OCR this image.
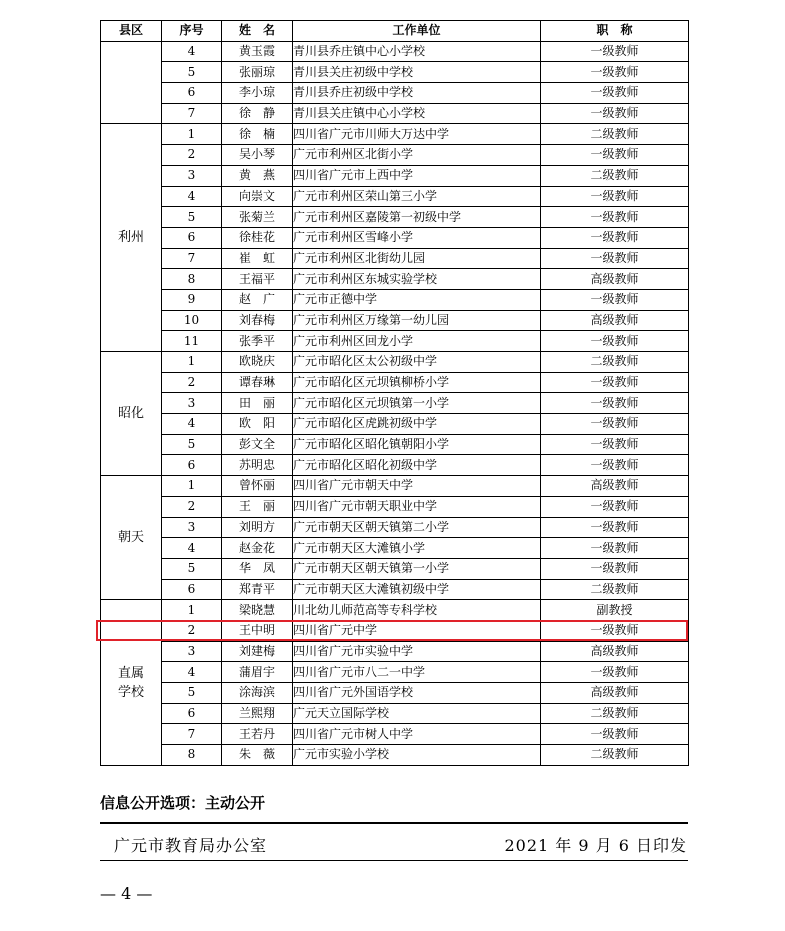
县区	序号	姓　名	工作单位	职　称
	4	黄玉霞	青川县乔庄镇中心小学校	一级教师
	5	张丽琼	青川县关庄初级中学校	一级教师
	6	李小琼	青川县乔庄初级中学校	一级教师
	7	徐　静	青川县关庄镇中心小学校	一级教师
利州	1	徐　楠	四川省广元市川师大万达中学	二级教师
	2	吴小琴	广元市利州区北街小学	一级教师
	3	黄　燕	四川省广元市上西中学	二级教师
	4	向崇文	广元市利州区荣山第三小学	一级教师
	5	张菊兰	广元市利州区嘉陵第一初级中学	一级教师
	6	徐桂花	广元市利州区雪峰小学	一级教师
	7	崔　虹	广元市利州区北街幼儿园	一级教师
	8	王福平	广元市利州区东城实验学校	高级教师
	9	赵　广	广元市正德中学	一级教师
	10	刘春梅	广元市利州区万缘第一幼儿园	高级教师
	11	张季平	广元市利州区回龙小学	一级教师
昭化	1	欧晓庆	广元市昭化区太公初级中学	二级教师
	2	谭春琳	广元市昭化区元坝镇柳桥小学	一级教师
	3	田　丽	广元市昭化区元坝镇第一小学	一级教师
	4	欧　阳	广元市昭化区虎跳初级中学	一级教师
	5	彭文全	广元市昭化区昭化镇朝阳小学	一级教师
	6	苏明忠	广元市昭化区昭化初级中学	一级教师
朝天	1	曾怀丽	四川省广元市朝天中学	高级教师
	2	王　丽	四川省广元市朝天职业中学	一级教师
	3	刘明方	广元市朝天区朝天镇第二小学	一级教师
	4	赵金花	广元市朝天区大滩镇小学	一级教师
	5	华　凤	广元市朝天区朝天镇第一小学	一级教师
	6	郑青平	广元市朝天区大滩镇初级中学	二级教师
直属
学校	1	梁晓慧	川北幼儿师范高等专科学校	副教授
	2	王中明	四川省广元中学	一级教师
	3	刘建梅	四川省广元市实验中学	高级教师
	4	蒲眉宇	四川省广元市八二一中学	一级教师
	5	涂海滨	四川省广元外国语学校	高级教师
	6	兰熙翔	广元天立国际学校	二级教师
	7	王若丹	四川省广元市树人中学	一级教师
	8	朱　薇	广元市实验小学校	二级教师
信息公开选项：主动公开
广元市教育局办公室	2021 年 9 月 6 日印发
— 4 —
